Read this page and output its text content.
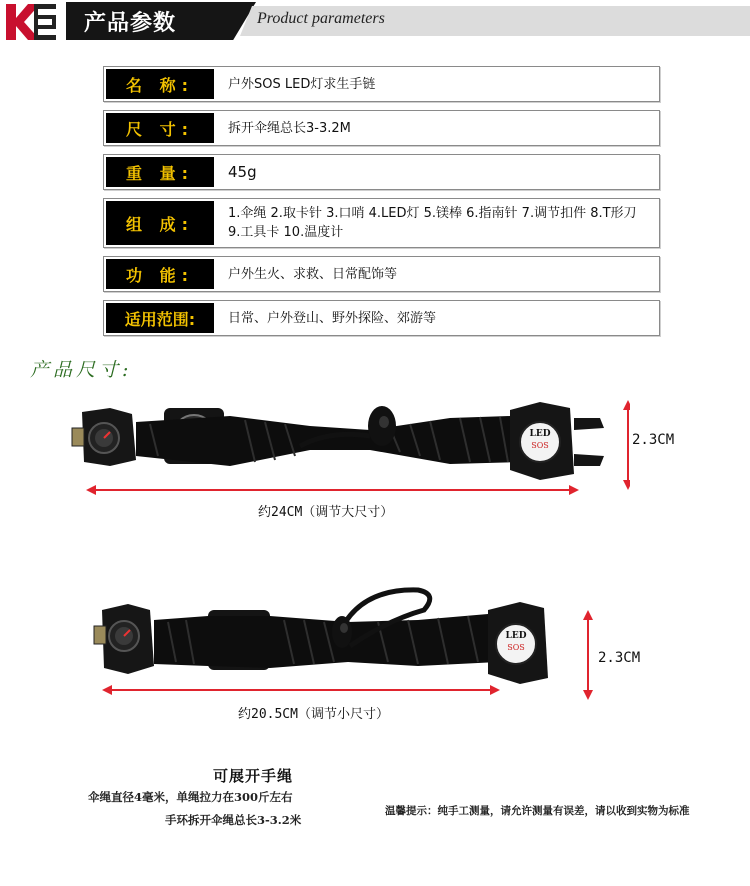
产品参数	Product parameters
名 称:	户外SOS LED灯求生手链
尺 寸:	拆开伞绳总长3-3.2M
重 量:	45g
组 成:
1.伞绳 2.取卡针 3.口哨 4.LED灯 5.镁棒 6.指南针 7.调节扣件 8.T形刀 9.工具卡 10.温度计
功 能:	户外生火、求救、日常配饰等
适用范围:	日常、户外登山、野外探险、郊游等
产品尺寸:
LED
SOS	2.3CM
约24CM（调节大尺寸）
LED
SOS
2.3CM
约20.5CM（调节小尺寸）
可展开手绳
伞绳直径4毫米，单绳拉力在300斤左右
手环拆开伞绳总长3-3.2米
温馨提示：纯手工测量，请允许测量有误差，请以收到实物为标准
